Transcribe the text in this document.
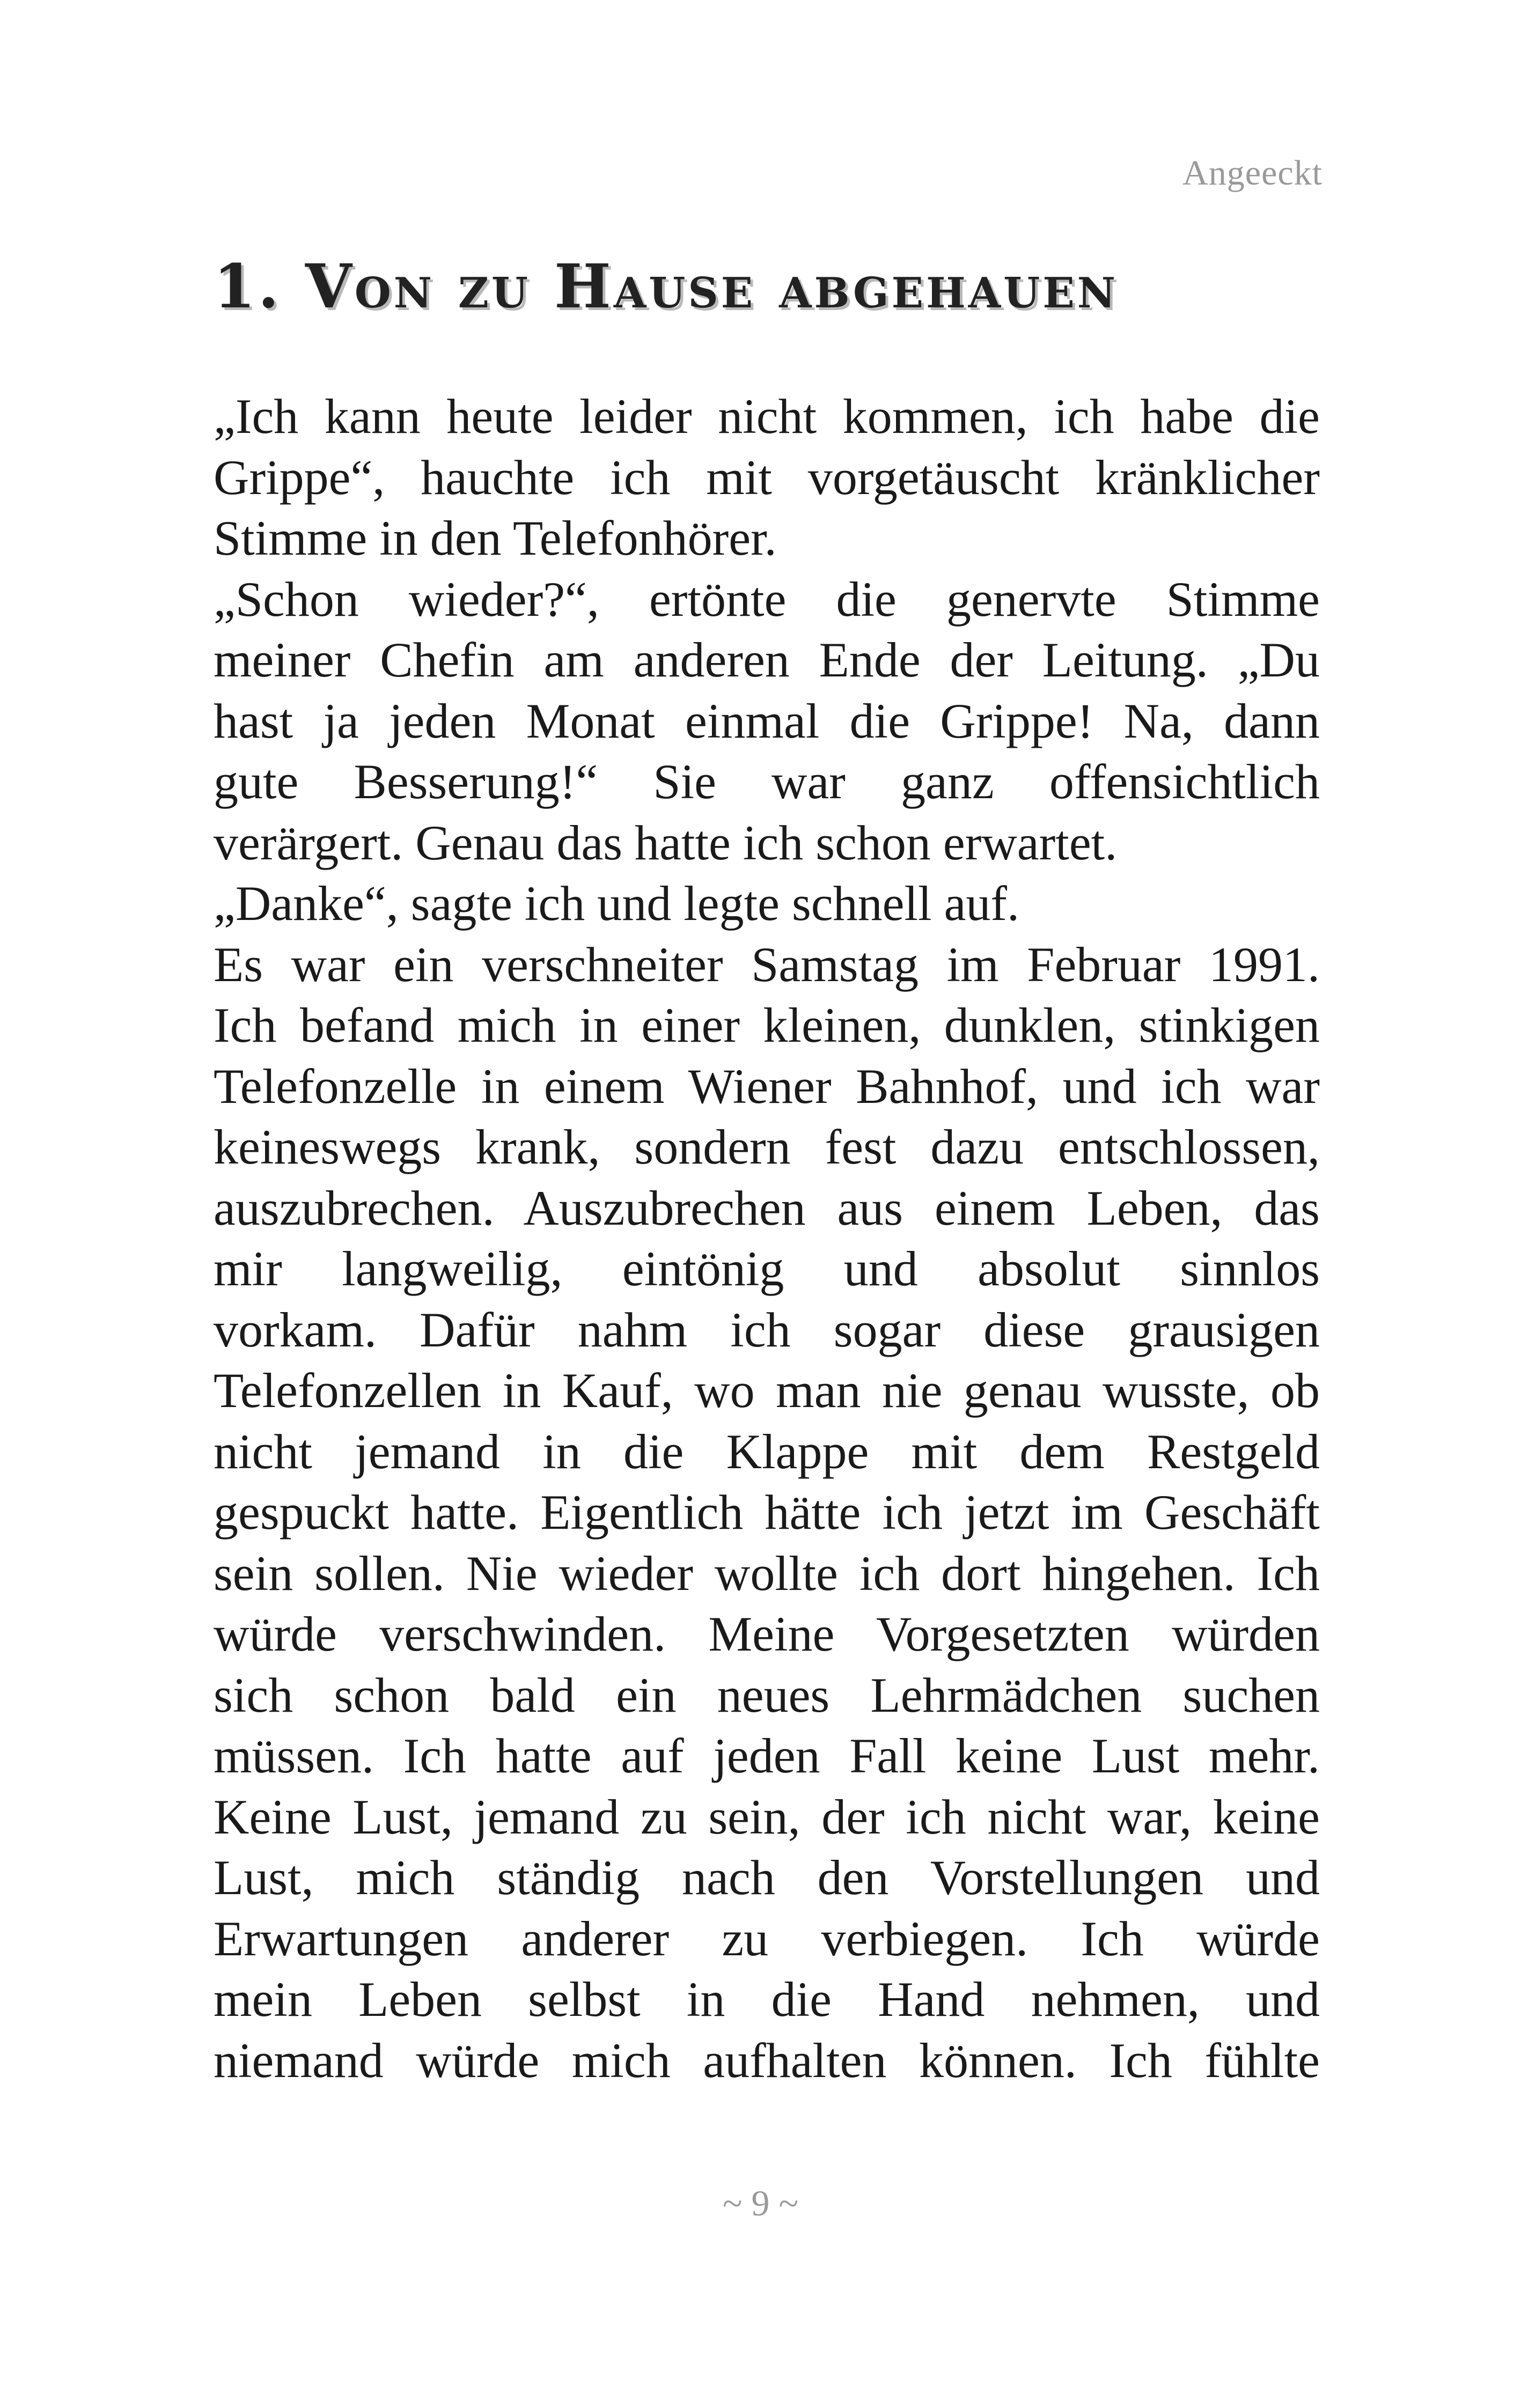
Angeeckt
1. Von zu Hause abgehauen
„Ich kann heute leider nicht kommen, ich habe die
Grippe“, hauchte ich mit vorgetäuscht kränklicher
Stimme in den Telefonhörer.
„Schon wieder?“, ertönte die genervte Stimme
meiner Chefin am anderen Ende der Leitung. „Du
hast ja jeden Monat einmal die Grippe! Na, dann
gute Besserung!“ Sie war ganz offensichtlich
verärgert. Genau das hatte ich schon erwartet.
„Danke“, sagte ich und legte schnell auf.
Es war ein verschneiter Samstag im Februar 1991.
Ich befand mich in einer kleinen, dunklen, stinkigen
Telefonzelle in einem Wiener Bahnhof, und ich war
keineswegs krank, sondern fest dazu entschlossen,
auszubrechen. Auszubrechen aus einem Leben, das
mir langweilig, eintönig und absolut sinnlos
vorkam. Dafür nahm ich sogar diese grausigen
Telefonzellen in Kauf, wo man nie genau wusste, ob
nicht jemand in die Klappe mit dem Restgeld
gespuckt hatte. Eigentlich hätte ich jetzt im Geschäft
sein sollen. Nie wieder wollte ich dort hingehen. Ich
würde verschwinden. Meine Vorgesetzten würden
sich schon bald ein neues Lehrmädchen suchen
müssen. Ich hatte auf jeden Fall keine Lust mehr.
Keine Lust, jemand zu sein, der ich nicht war, keine
Lust, mich ständig nach den Vorstellungen und
Erwartungen anderer zu verbiegen. Ich würde
mein Leben selbst in die Hand nehmen, und
niemand würde mich aufhalten können. Ich fühlte
~ 9 ~
